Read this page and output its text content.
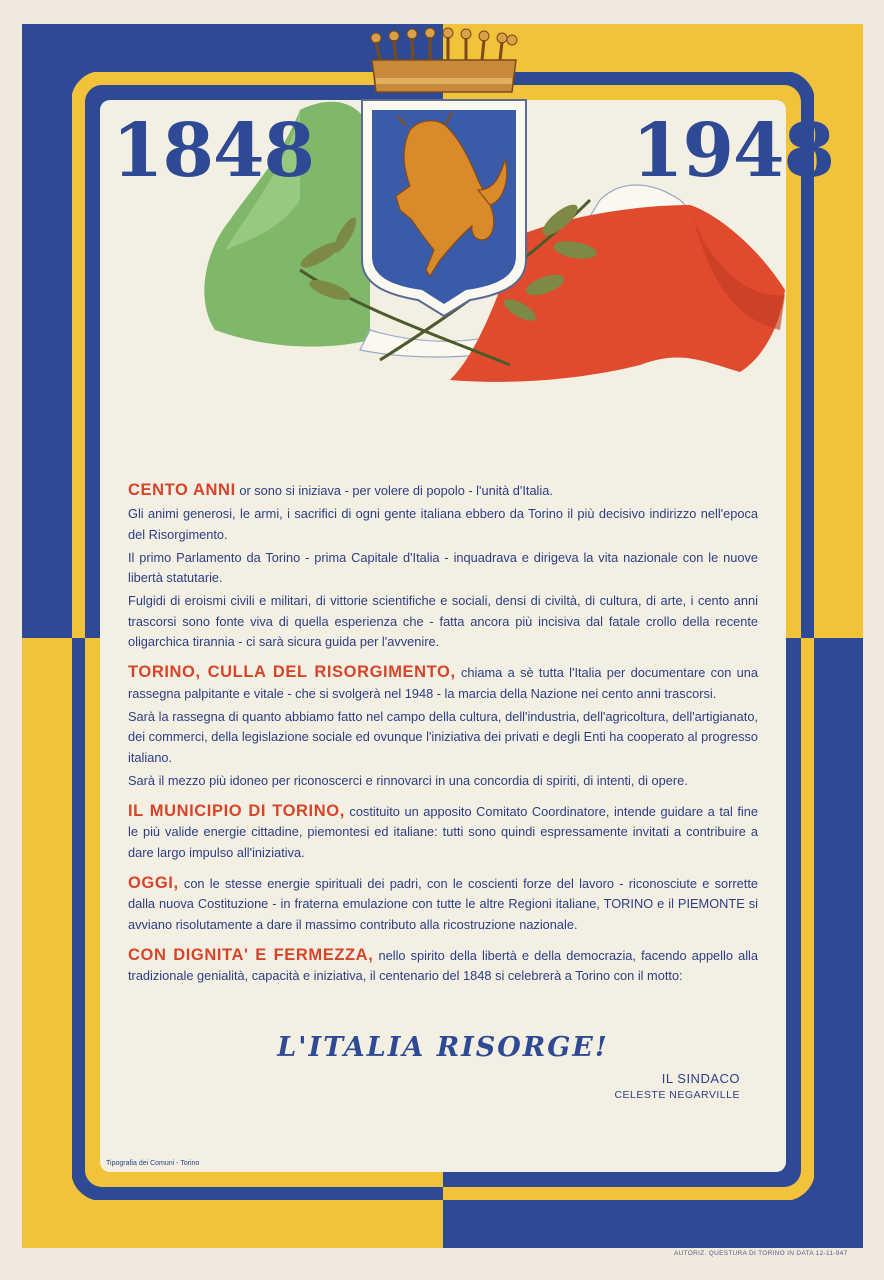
1848	1948

CENTO ANNI or sono si iniziava - per volere di popolo - l'unità d'Italia.

Gli animi generosi, le armi, i sacrifici di ogni gente italiana ebbero da Torino il più decisivo indirizzo nell'epoca del Risorgimento.

Il primo Parlamento da Torino - prima Capitale d'Italia - inquadrava e dirigeva la vita nazionale con le nuove libertà statutarie.

Fulgidi di eroismi civili e militari, di vittorie scientifiche e sociali, densi di civiltà, di cultura, di arte, i cento anni trascorsi sono fonte viva di quella esperienza che - fatta ancora più incisiva dal fatale crollo della recente oligarchica tirannia - ci sarà sicura guida per l'avvenire.

TORINO, CULLA DEL RISORGIMENTO, chiama a sè tutta l'Italia per documentare con una rassegna palpitante e vitale - che si svolgerà nel 1948 - la marcia della Nazione nei cento anni trascorsi.

Sarà la rassegna di quanto abbiamo fatto nel campo della cultura, dell'industria, dell'agricoltura, dell'artigianato, dei commerci, della legislazione sociale ed ovunque l'iniziativa dei privati e degli Enti ha cooperato al progresso italiano.

Sarà il mezzo più idoneo per riconoscerci e rinnovarci in una concordia di spiriti, di intenti, di opere.

IL MUNICIPIO DI TORINO, costituito un apposito Comitato Coordinatore, intende guidare a tal fine le più valide energie cittadine, piemontesi ed italiane: tutti sono quindi espressamente invitati a contribuire a dare largo impulso all'iniziativa.

OGGI, con le stesse energie spirituali dei padri, con le coscienti forze del lavoro - riconosciute e sorrette dalla nuova Costituzione - in fraterna emulazione con tutte le altre Regioni italiane, TORINO e il PIEMONTE si avviano risolutamente a dare il massimo contributo alla ricostruzione nazionale.

CON DIGNITA' E FERMEZZA, nello spirito della libertà e della democrazia, facendo appello alla tradizionale genialità, capacità e iniziativa, il centenario del 1848 si celebrerà a Torino con il motto:

L'ITALIA RISORGE!
IL SINDACO
CELESTE NEGARVILLE
Tipografia dei Comuni - Torino
AUTORIZ. QUESTURA DI TORINO IN DATA 12-11-947
